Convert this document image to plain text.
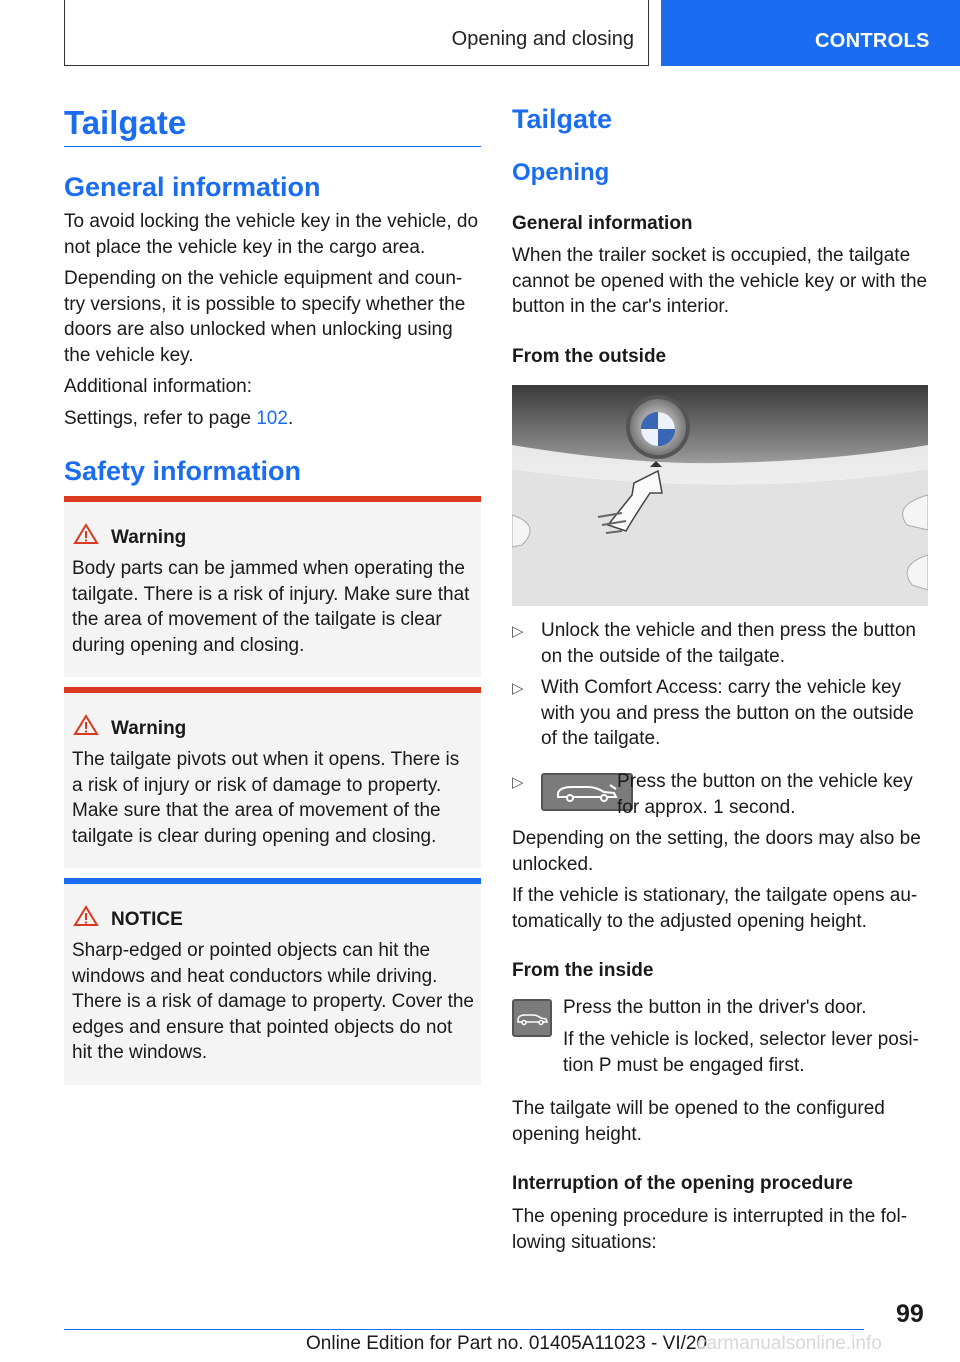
Opening and closing	CONTROLS
Tailgate
General information
To avoid locking the vehicle key in the vehicle, do not place the vehicle key in the cargo area.
Depending on the vehicle equipment and coun-try versions, it is possible to specify whether the doors are also unlocked when unlocking using the vehicle key.
Additional information:
Settings, refer to page 102.
Safety information
Warning
Body parts can be jammed when operating the tailgate. There is a risk of injury. Make sure that the area of movement of the tailgate is clear during opening and closing.
Warning
The tailgate pivots out when it opens. There is a risk of injury or risk of damage to property. Make sure that the area of movement of the tailgate is clear during opening and closing.
NOTICE
Sharp-edged or pointed objects can hit the windows and heat conductors while driving. There is a risk of damage to property. Cover the edges and ensure that pointed objects do not hit the windows.
Tailgate
Opening
General information
When the trailer socket is occupied, the tailgate cannot be opened with the vehicle key or with the button in the car's interior.
From the outside
▷ Unlock the vehicle and then press the button on the outside of the tailgate.
▷ With Comfort Access: carry the vehicle key with you and press the button on the outside of the tailgate.
▷	Press the button on the vehicle key for approx. 1 second.
Depending on the setting, the doors may also be unlocked.
If the vehicle is stationary, the tailgate opens au-tomatically to the adjusted opening height.
From the inside
Press the button in the driver's door.
If the vehicle is locked, selector lever posi-tion P must be engaged first.
The tailgate will be opened to the configured opening height.
Interruption of the opening procedure
The opening procedure is interrupted in the fol-lowing situations:
99
Online Edition for Part no. 01405A11023 - VI/20
carmanualsonline.info
